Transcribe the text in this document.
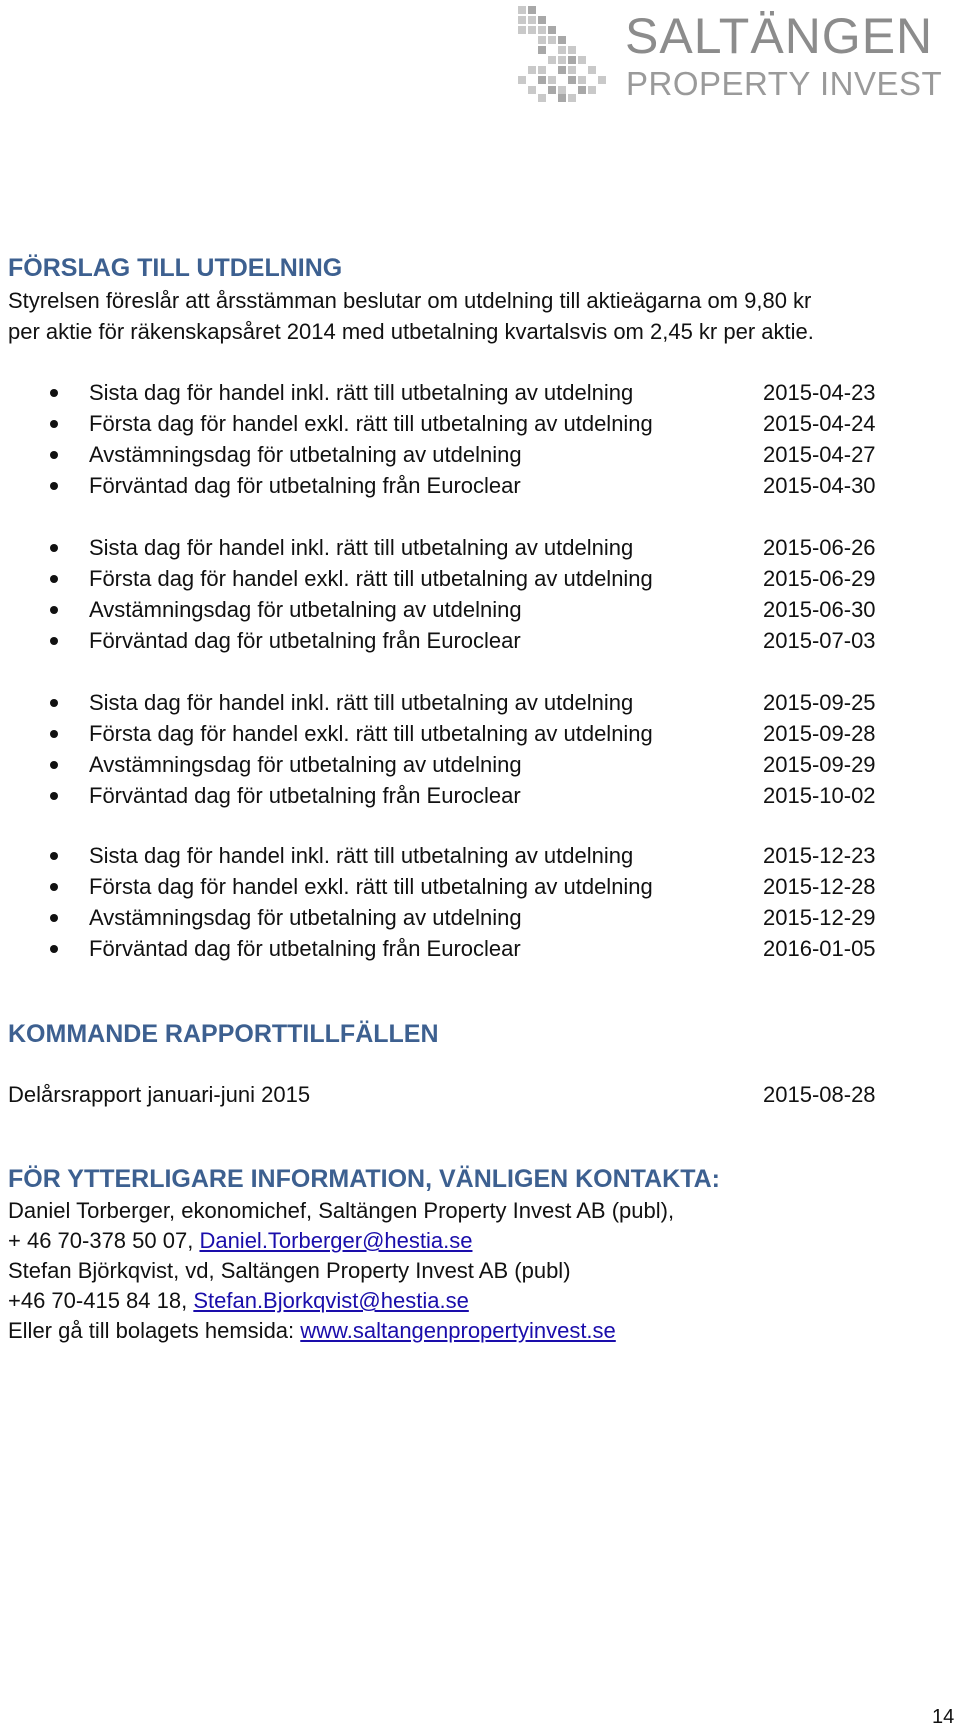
SALTÄNGEN
PROPERTY INVEST
FÖRSLAG TILL UTDELNING

Styrelsen föreslår att årsstämman beslutar om utdelning till aktieägarna om 9,80 kr
per aktie för räkenskapsåret 2014 med utbetalning kvartalsvis om 2,45 kr per aktie.

Sista dag för handel inkl. rätt till utbetalning av utdelning	2015-04-23
Första dag för handel exkl. rätt till utbetalning av utdelning	2015-04-24
Avstämningsdag för utbetalning av utdelning	2015-04-27
Förväntad dag för utbetalning från Euroclear	2015-04-30
Sista dag för handel inkl. rätt till utbetalning av utdelning	2015-06-26
Första dag för handel exkl. rätt till utbetalning av utdelning	2015-06-29
Avstämningsdag för utbetalning av utdelning	2015-06-30
Förväntad dag för utbetalning från Euroclear	2015-07-03
Sista dag för handel inkl. rätt till utbetalning av utdelning	2015-09-25
Första dag för handel exkl. rätt till utbetalning av utdelning	2015-09-28
Avstämningsdag för utbetalning av utdelning	2015-09-29
Förväntad dag för utbetalning från Euroclear	2015-10-02
Sista dag för handel inkl. rätt till utbetalning av utdelning	2015-12-23
Första dag för handel exkl. rätt till utbetalning av utdelning	2015-12-28
Avstämningsdag för utbetalning av utdelning	2015-12-29
Förväntad dag för utbetalning från Euroclear	2016-01-05
KOMMANDE RAPPORTTILLFÄLLEN
Delårsrapport januari-juni 2015	2015-08-28
FÖR YTTERLIGARE INFORMATION, VÄNLIGEN KONTAKTA:
Daniel Torberger, ekonomichef, Saltängen Property Invest AB (publ),
+ 46 70-378 50 07, Daniel.Torberger@hestia.se
Stefan Björkqvist, vd, Saltängen Property Invest AB (publ)
+46 70-415 84 18, Stefan.Bjorkqvist@hestia.se
Eller gå till bolagets hemsida: www.saltangenpropertyinvest.se
14
